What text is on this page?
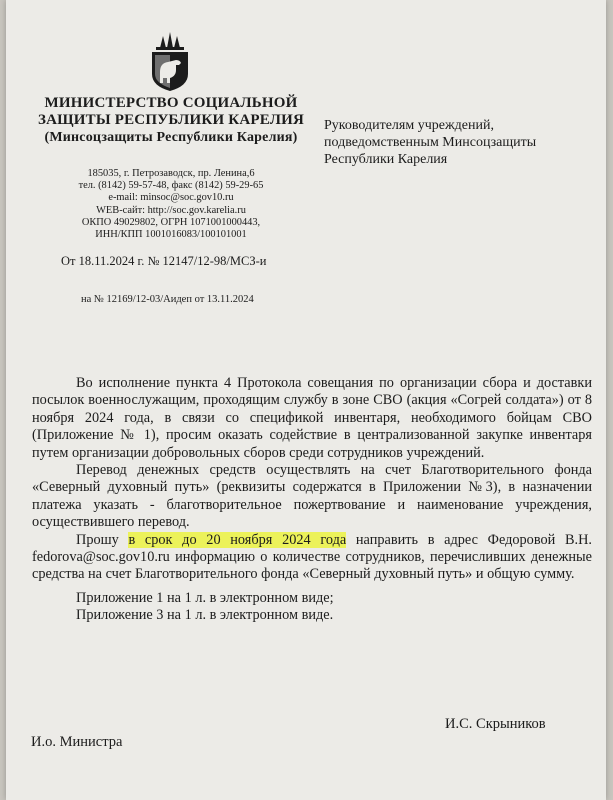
МИНИСТЕРСТВО СОЦИАЛЬНОЙ
ЗАЩИТЫ РЕСПУБЛИКИ КАРЕЛИЯ
(Минсоцзащиты Республики Карелия)
185035, г. Петрозаводск, пр. Ленина,6
тел. (8142) 59-57-48, факс (8142) 59-29-65
e-mail: minsoc@soc.gov10.ru
WEB-сайт: http://soc.gov.karelia.ru
ОКПО 49029802, ОГРН 1071001000443,
ИНН/КПП 1001016083/100101001
От 18.11.2024 г. № 12147/12-98/МСЗ-и
на № 12169/12-03/Аидеп от 13.11.2024
Руководителям учреждений,
подведомственным Минсоцзащиты
Республики Карелия

Во исполнение пункта 4 Протокола совещания по организации сбора и доставки посылок военнослужащим, проходящим службу в зоне СВО (акция «Согрей солдата») от 8 ноября 2024 года, в связи со спецификой инвентаря, необходимого бойцам СВО (Приложение № 1), просим оказать содействие в централизованной закупке инвентаря путем организации добровольных сборов среди сотрудников учреждений.

Перевод денежных средств осуществлять на счет Благотворительного фонда «Северный духовный путь» (реквизиты содержатся в Приложении №3), в назначении платежа указать - благотворительное пожертвование и наименование учреждения, осуществившего перевод.

Прошу в срок до 20 ноября 2024 года направить в адрес Федоровой В.Н. fedorova@soc.gov10.ru информацию о количестве сотрудников, перечисливших денежные средства на счет Благотворительного фонда «Северный духовный путь» и общую сумму.

Приложение 1 на 1 л. в электронном виде;
Приложение 3 на 1 л. в электронном виде.
И.о. Министра
И.С. Скрыников
